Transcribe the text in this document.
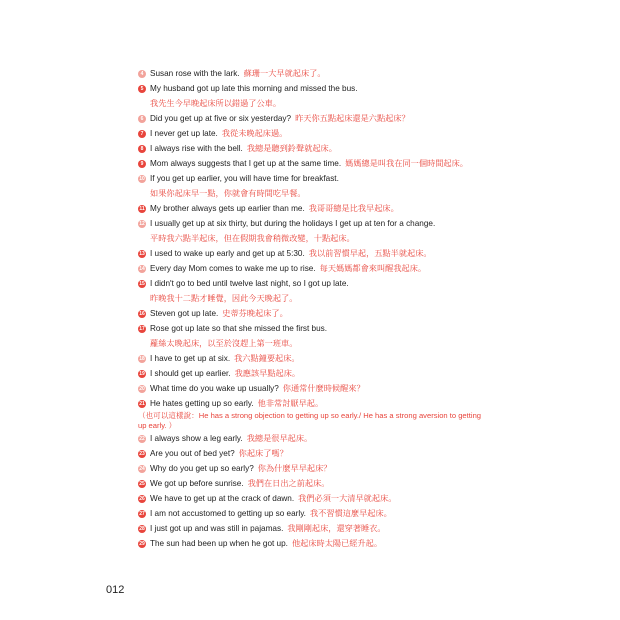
4 Susan rose with the lark. 蘇珊一大早就起床了。
5 My husband got up late this morning and missed the bus.
我先生今早晚起床所以錯過了公車。
6 Did you get up at five or six yesterday? 昨天你五點起床還是六點起床？
7 I never get up late. 我從未晚起床過。
8 I always rise with the bell. 我總是聽到鈴聲就起床。
9 Mom always suggests that I get up at the same time. 媽媽總是叫我在同一個時間起床。
10 If you get up earlier, you will have time for breakfast.
如果你起床早一點，你就會有時間吃早餐。
11 My brother always gets up earlier than me. 我哥哥總是比我早起床。
12 I usually get up at six thirty, but during the holidays I get up at ten for a change.
平時我六點半起床，但在假期我會稍微改變，十點起床。
13 I used to wake up early and get up at 5:30. 我以前習慣早起，五點半就起床。
14 Every day Mom comes to wake me up to rise. 每天媽媽都會來叫醒我起床。
15 I didn't go to bed until twelve last night, so I got up late.
昨晚我十二點才睡覺，因此今天晚起了。
16 Steven got up late. 史蒂芬晚起床了。
17 Rose got up late so that she missed the first bus.
蘿絲太晚起床，以至於沒趕上第一班車。
18 I have to get up at six. 我六點鐘要起床。
19 I should get up earlier. 我應該早點起床。
20 What time do you wake up usually? 你通常什麼時候醒來？
21 He hates getting up so early. 他非常討厭早起。
（也可以這樣說：He has a strong objection to getting up so early./ He has a strong aversion to getting up early. ）
22 I always show a leg early. 我總是很早起床。
23 Are you out of bed yet? 你起床了嗎？
24 Why do you get up so early? 你為什麼早早起床？
25 We got up before sunrise. 我們在日出之前起床。
26 We have to get up at the crack of dawn. 我們必須一大清早就起床。
27 I am not accustomed to getting up so early. 我不習慣這麼早起床。
28 I just got up and was still in pajamas. 我剛剛起床，還穿著睡衣。
29 The sun had been up when he got up. 他起床時太陽已經升起。
012
